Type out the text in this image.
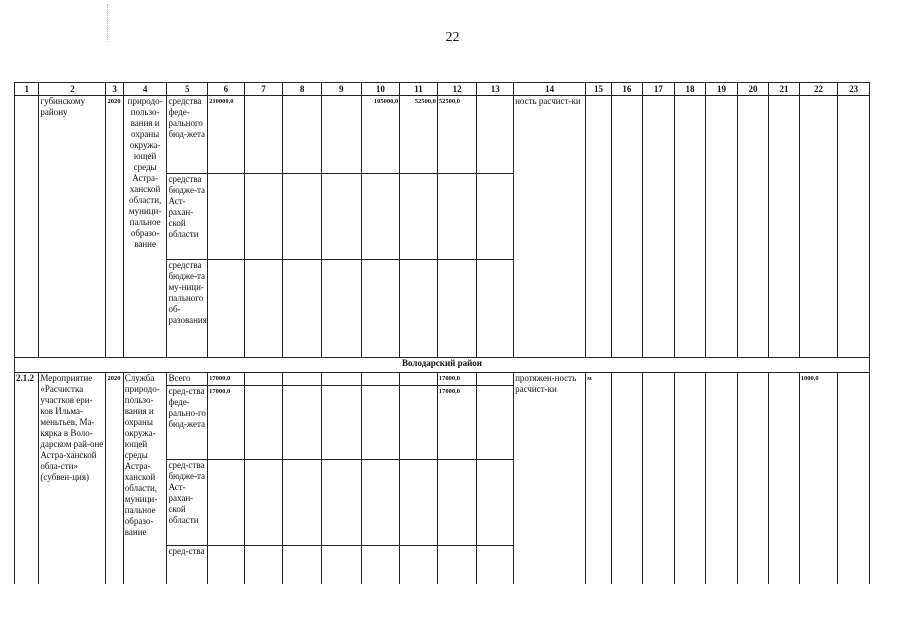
22
1	2	3	4	5	6	7	8	9	10	11	12	13	14	15	16	17	18	19	20	21	22	23
	губинскому району	2020	природо-пользо-вания и охраны окружа-ющей среды Астра-ханской области, муници-пальное образо-вание	средства феде-рального бюд-жета	210000,0				105000,0	52500,0	52500,0		ность расчист-ки									
				средства бюдже-та Аст-рахан-ской области																		
				средства бюдже-та му-ници-пального об-разования																		
Володарский район																						
2.1.2	Мероприятие «Расчистка участков ери-ков Ильма-меньтьев, Ма-кярка в Воло-дарском рай-оне Астра-ханской обла-сти» (субвен-ция)	2020	Служба природо-пользо-вания и охраны окружа-ющей среды Астра-ханской области, муници-пальное образо-вание	Всего	17000,0						17000,0		протяжен-ность расчист-ки	м							1000,0	
				сред-ства феде-рально-го бюд-жета	17000,0						17000,0											
				сред-ства бюдже-та Аст-рахан-ской области																		
				сред-ства																		
